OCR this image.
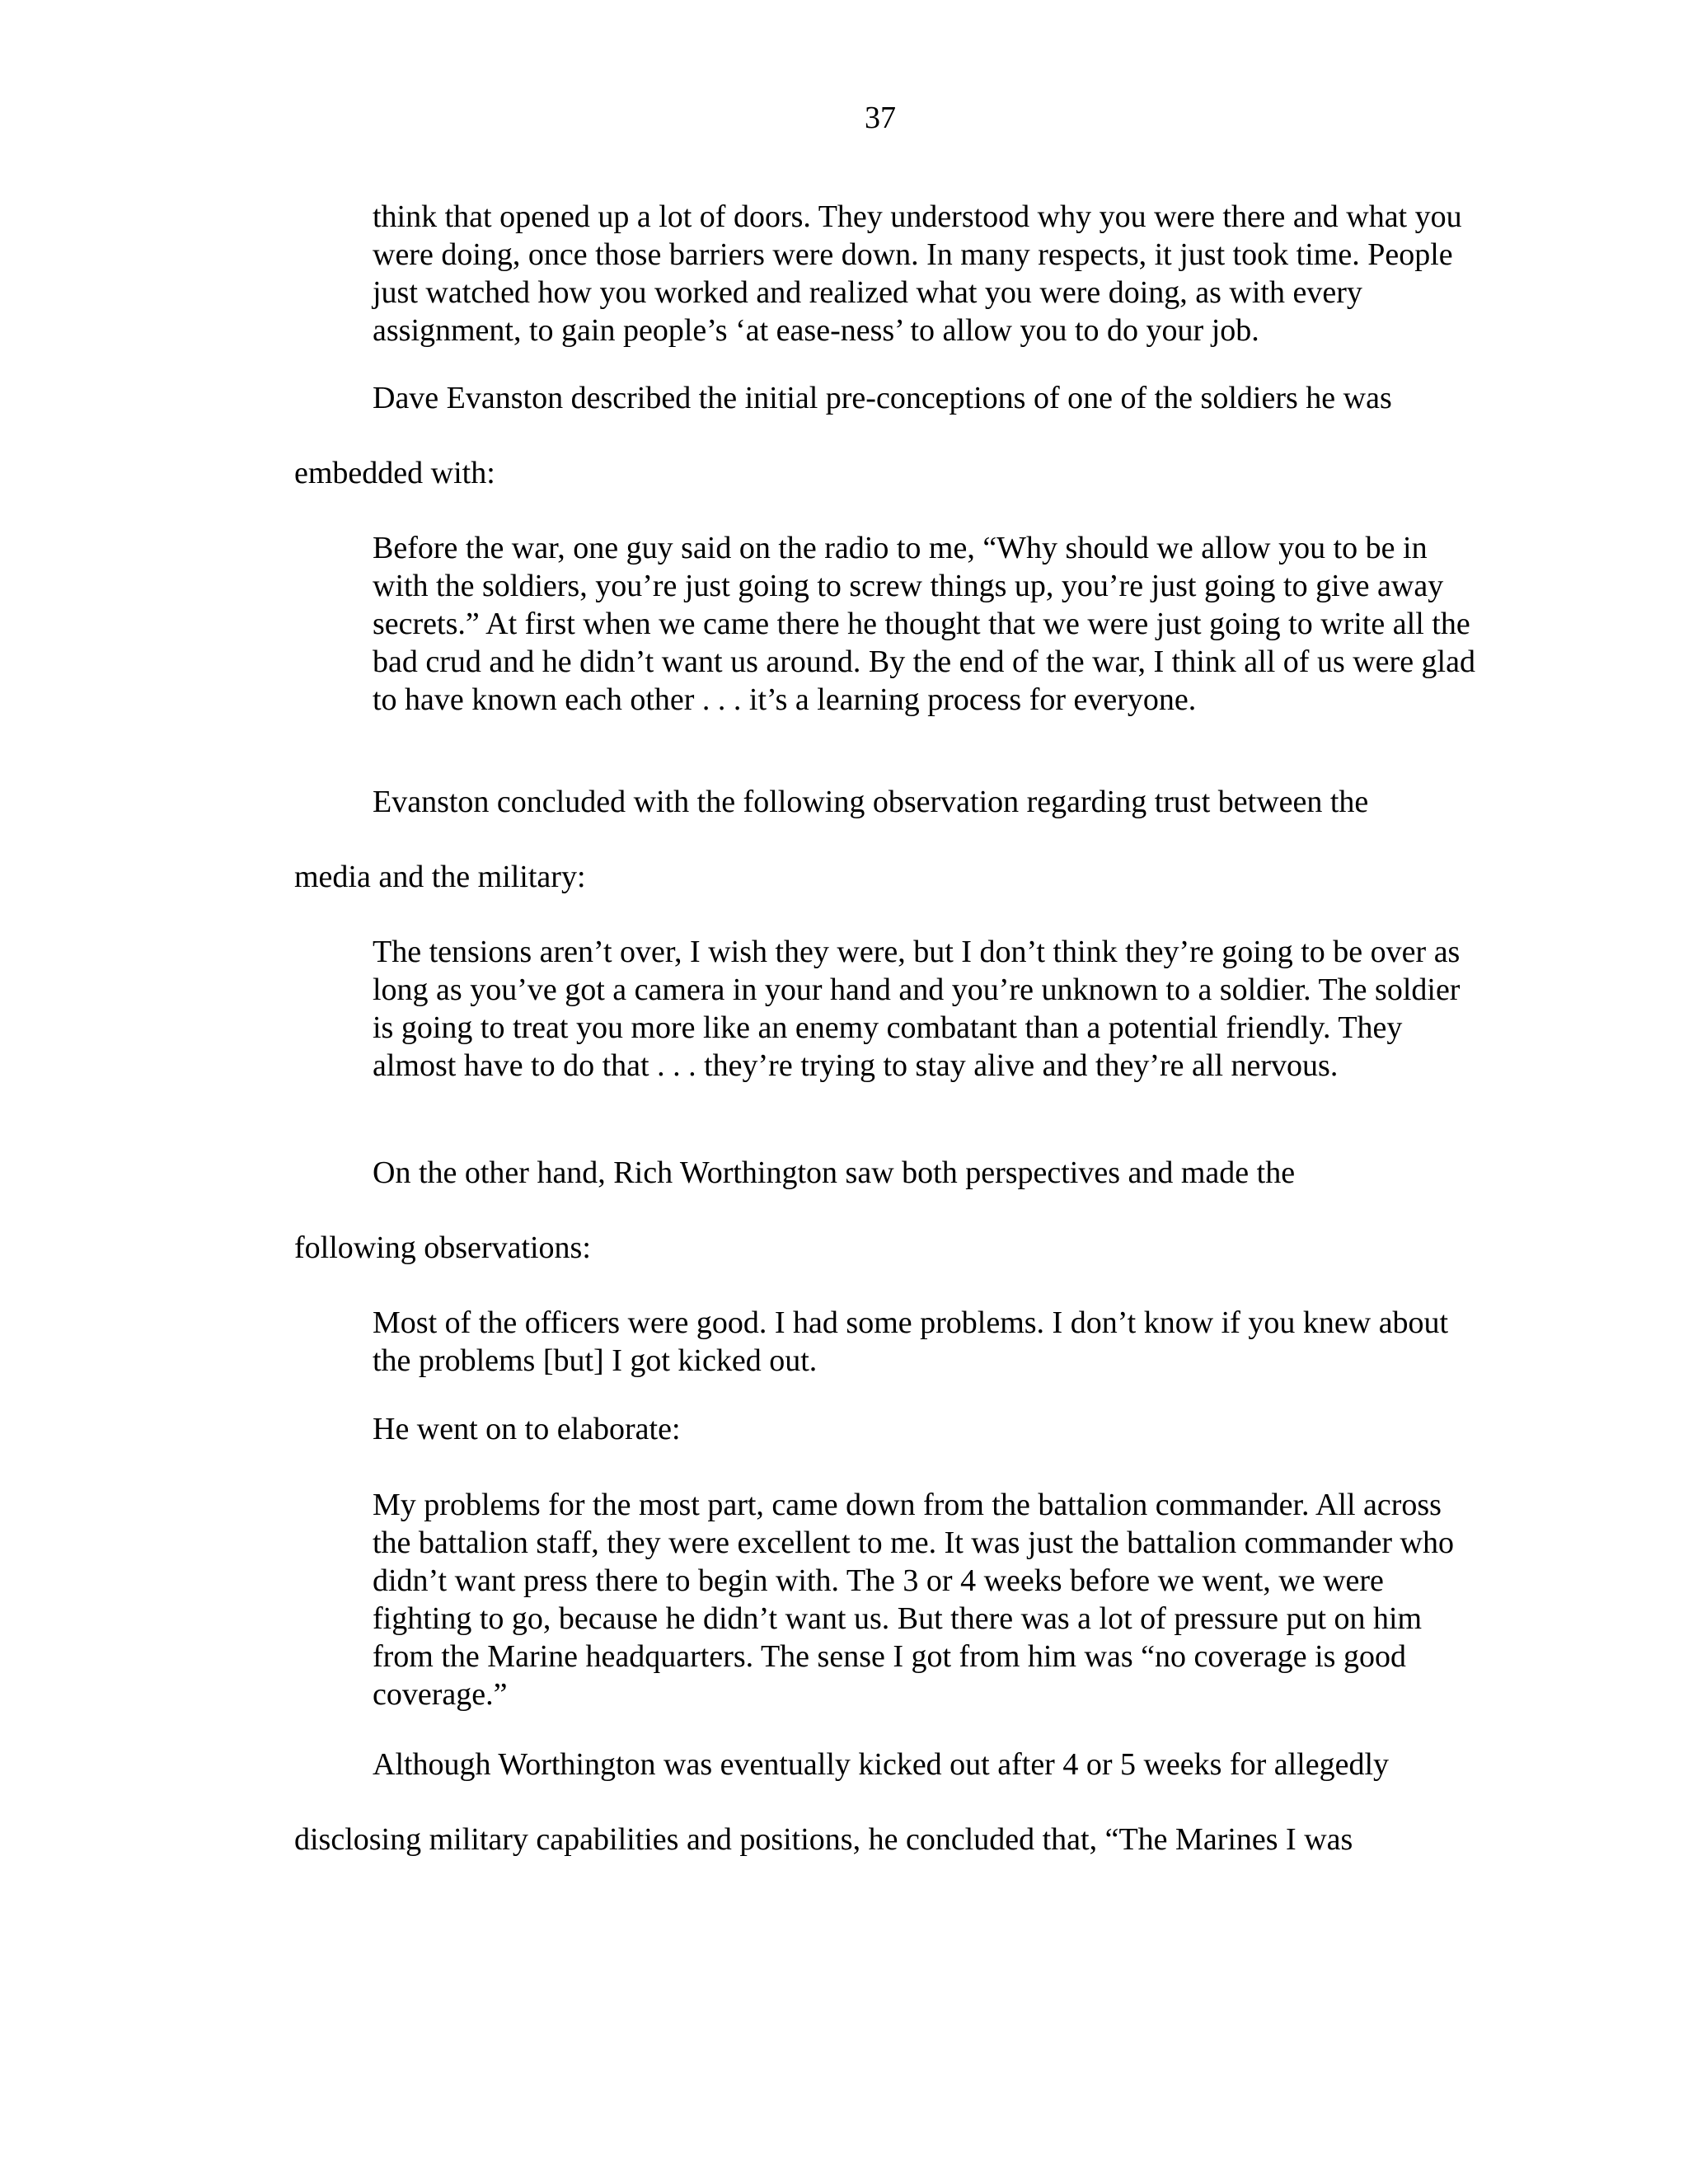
37

think that opened up a lot of doors. They understood why you were there and what you were doing, once those barriers were down. In many respects, it just took time. People just watched how you worked and realized what you were doing, as with every assignment, to gain people’s ‘at ease-ness’ to allow you to do your job.

Dave Evanston described the initial pre-conceptions of one of the soldiers he was

embedded with:

Before the war, one guy said on the radio to me, “Why should we allow you to be in with the soldiers, you’re just going to screw things up, you’re just going to give away secrets.” At first when we came there he thought that we were just going to write all the bad crud and he didn’t want us around. By the end of the war, I think all of us were glad to have known each other . . . it’s a learning process for everyone.

Evanston concluded with the following observation regarding trust between the

media and the military:

The tensions aren’t over, I wish they were, but I don’t think they’re going to be over as long as you’ve got a camera in your hand and you’re unknown to a soldier. The soldier is going to treat you more like an enemy combatant than a potential friendly. They almost have to do that . . . they’re trying to stay alive and they’re all nervous.

On the other hand, Rich Worthington saw both perspectives and made the

following observations:

Most of the officers were good. I had some problems. I don’t know if you knew about the problems [but] I got kicked out.

He went on to elaborate:

My problems for the most part, came down from the battalion commander. All across the battalion staff, they were excellent to me. It was just the battalion commander who didn’t want press there to begin with. The 3 or 4 weeks before we went, we were fighting to go, because he didn’t want us. But there was a lot of pressure put on him from the Marine headquarters. The sense I got from him was “no coverage is good coverage.”

Although Worthington was eventually kicked out after 4 or 5 weeks for allegedly

disclosing military capabilities and positions, he concluded that, “The Marines I was
